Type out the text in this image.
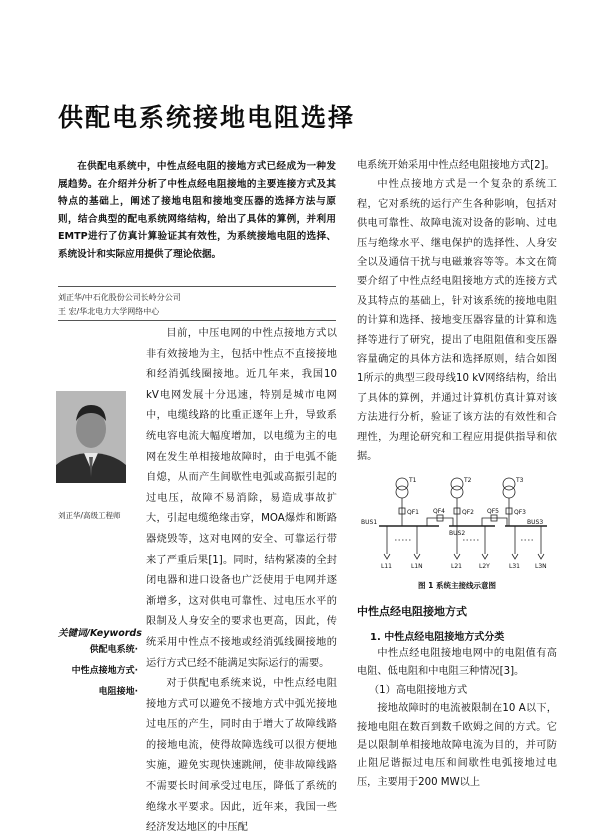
供配电系统接地电阻选择
在供配电系统中，中性点经电阻的接地方式已经成为一种发展趋势。在介绍并分析了中性点经电阻接地的主要连接方式及其特点的基础上，阐述了接地电阻和接地变压器的选择方法与原则，结合典型的配电系统网络结构，给出了具体的算例，并利用EMTP进行了仿真计算验证其有效性，为系统接地电阻的选择、系统设计和实际应用提供了理论依据。
刘正华/中石化股份公司长岭分公司
王 宏/华北电力大学网络中心
刘正华/高级工程师
关键词/Keywords
供配电系统·
中性点接地方式·
电阻接地·

目前，中压电网的中性点接地方式以非有效接地为主，包括中性点不直接接地和经消弧线圈接地。近几年来，我国10 kV电网发展十分迅速，特别是城市电网中，电缆线路的比重正逐年上升，导致系统电容电流大幅度增加，以电缆为主的电网在发生单相接地故障时，由于电弧不能自熄，从而产生间歇性电弧或高振引起的过电压，故障不易消除，易造成事故扩大，引起电缆绝缘击穿，MOA爆炸和断路器烧毁等，这对电网的安全、可靠运行带来了严重后果[1]。同时，结构紧凑的全封闭电器和进口设备也广泛使用于电网并逐渐增多，这对供电可靠性、过电压水平的限制及人身安全的要求也更高，因此，传统采用中性点不接地或经消弧线圈接地的运行方式已经不能满足实际运行的需要。

对于供配电系统来说，中性点经电阻接地方式可以避免不接地方式中弧光接地过电压的产生，同时由于增大了故障线路的接地电流，使得故障选线可以很方便地实施，避免实现快速跳闸，使非故障线路不需要长时间承受过电压，降低了系统的绝缘水平要求。因此，近年来，我国一些经济发达地区的中压配

电系统开始采用中性点经电阻接地方式[2]。

中性点接地方式是一个复杂的系统工程，它对系统的运行产生各种影响，包括对供电可靠性、故障电流对设备的影响、过电压与绝缘水平、继电保护的选择性、人身安全以及通信干扰与电磁兼容等等。本文在简要介绍了中性点经电阻接地方式的连接方式及其特点的基础上，针对该系统的接地电阻的计算和选择、接地变压器容量的计算和选择等进行了研究，提出了电阻阻值和变压器容量确定的具体方法和选择原则，结合如图1所示的典型三段母线10 kV网络结构，给出了具体的算例，并通过计算机仿真计算对该方法进行分析，验证了该方法的有效性和合理性，为理论研究和工程应用提供指导和依据。

T1	T2	T3
QF1	QF2	QF3
QF4	QF5
BUS1
BUS2
BUS3
L11	L1N	L21	L2Y	L31	L3N
图 1 系统主接线示意图
中性点经电阻接地方式
1. 中性点经电阻接地方式分类

中性点经电阻接地电网中的电阻值有高电阻、低电阻和中电阻三种情况[3]。

（1）高电阻接地方式

接地故障时的电流被限制在10 A以下，接地电阻在数百到数千欧姆之间的方式。它是以限制单相接地故障电流为目的，并可防止阻尼谐振过电压和间歇性电弧接地过电压，主要用于200 MW以上
